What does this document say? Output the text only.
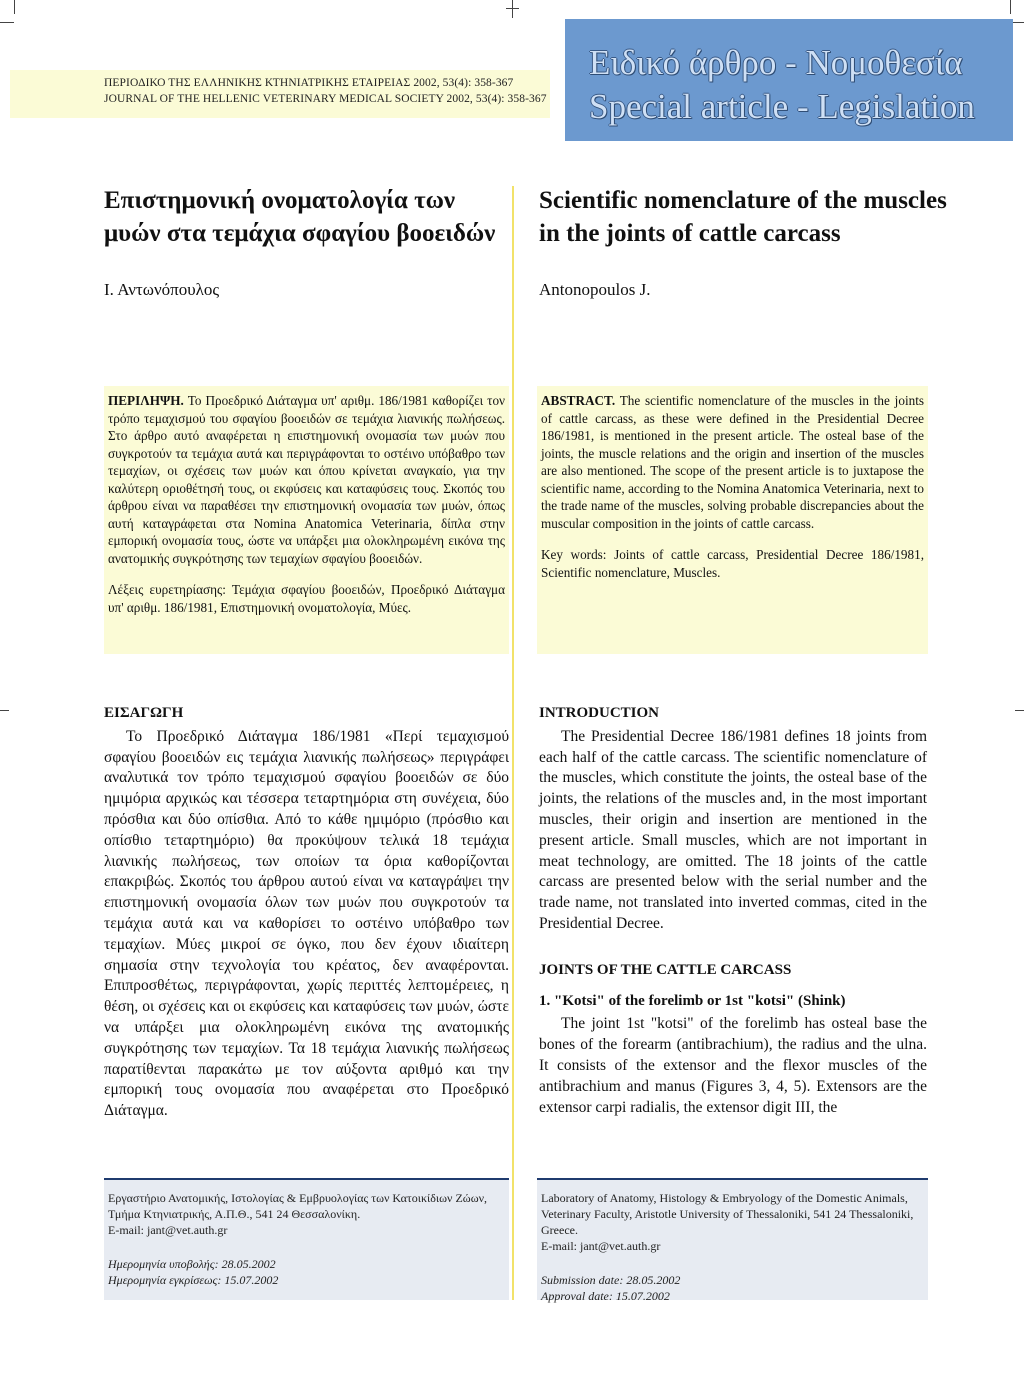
ΠΕΡΙΟΔΙΚΟ ΤΗΣ ΕΛΛΗΝΙΚΗΣ ΚΤΗΝΙΑΤΡΙΚΗΣ ΕΤΑΙΡΕΙΑΣ 2002, 53(4): 358-367
JOURNAL OF THE HELLENIC VETERINARY MEDICAL SOCIETY 2002, 53(4): 358-367
Ειδικό άρθρο - Νομοθεσία
Special article - Legislation
Επιστημονική ονοματολογία των μυών στα τεμάχια σφαγίου βοοειδών
Scientific nomenclature of the muscles in the joints of cattle carcass
Ι. Αντωνόπουλος	Antonopoulos J.

ΠΕΡΙΛΗΨΗ. Το Προεδρικό Διάταγμα υπ' αριθμ. 186/1981 καθορίζει τον τρόπο τεμαχισμού του σφαγίου βοοειδών σε τεμάχια λιανικής πωλήσεως. Στο άρθρο αυτό αναφέρεται η επιστημονική ονομασία των μυών που συγκροτούν τα τεμάχια αυτά και περιγράφονται το οστέινο υπόβαθρο των τεμαχίων, οι σχέσεις των μυών και όπου κρίνεται αναγκαίο, για την καλύτερη οριοθέτησή τους, οι εκφύσεις και καταφύσεις τους. Σκοπός του άρθρου είναι να παραθέσει την επιστημονική ονομασία των μυών, όπως αυτή καταγράφεται στα Nomina Anatomica Veterinaria, δίπλα στην εμπορική ονομασία τους, ώστε να υπάρξει μια ολοκληρωμένη εικόνα της ανατομικής συγκρότησης των τεμαχίων σφαγίου βοοειδών.

Λέξεις ευρετηρίασης: Τεμάχια σφαγίου βοοειδών, Προεδρικό Διάταγμα υπ' αριθμ. 186/1981, Επιστημονική ονοματολογία, Μύες.

ABSTRACT. The scientific nomenclature of the muscles in the joints of cattle carcass, as these were defined in the Presidential Decree 186/1981, is mentioned in the present article. The osteal base of the joints, the muscle relations and the origin and insertion of the muscles are also mentioned. The scope of the present article is to juxtapose the scientific name, according to the Nomina Anatomica Veterinaria, next to the trade name of the muscles, solving probable discrepancies about the muscular composition in the joints of cattle carcass.

Key words: Joints of cattle carcass, Presidential Decree 186/1981, Scientific nomenclature, Muscles.

ΕΙΣΑΓΩΓΗ

Το Προεδρικό Διάταγμα 186/1981 «Περί τεμαχισμού σφαγίου βοοειδών εις τεμάχια λιανικής πωλήσεως» περιγράφει αναλυτικά τον τρόπο τεμαχισμού σφαγίου βοοειδών σε δύο ημιμόρια αρχικώς και τέσσερα τεταρτημόρια στη συνέχεια, δύο πρόσθια και δύο οπίσθια. Από το κάθε ημιμόριο (πρόσθιο και οπίσθιο τεταρτημόριο) θα προκύψουν τελικά 18 τεμάχια λιανικής πωλήσεως, των οποίων τα όρια καθορίζονται επακριβώς. Σκοπός του άρθρου αυτού είναι να καταγράψει την επιστημονική ονομασία όλων των μυών που συγκροτούν τα τεμάχια αυτά και να καθορίσει το οστέινο υπόβαθρο των τεμαχίων. Μύες μικροί σε όγκο, που δεν έχουν ιδιαίτερη σημασία στην τεχνολογία του κρέατος, δεν αναφέρονται. Επιπροσθέτως, περιγράφονται, χωρίς περιττές λεπτομέρειες, η θέση, οι σχέσεις και οι εκφύσεις και καταφύσεις των μυών, ώστε να υπάρξει μια ολοκληρωμένη εικόνα της ανατομικής συγκρότησης των τεμαχίων. Τα 18 τεμάχια λιανικής πωλήσεως παρατίθενται παρακάτω με τον αύξοντα αριθμό και την εμπορική τους ονομασία που αναφέρεται στο Προεδρικό Διάταγμα.

INTRODUCTION

The Presidential Decree 186/1981 defines 18 joints from each half of the cattle carcass. The scientific nomenclature of the muscles, which constitute the joints, the osteal base of the joints, the relations of the muscles and, in the most important muscles, their origin and insertion are mentioned in the present article. Small muscles, which are not important in meat technology, are omitted. The 18 joints of the cattle carcass are presented below with the serial number and the trade name, not translated into inverted commas, cited in the Presidential Decree.

JOINTS OF THE CATTLE CARCASS
1. "Kotsi" of the forelimb or 1st "kotsi" (Shink)

The joint 1st "kotsi" of the forelimb has osteal base the bones of the forearm (antibrachium), the radius and the ulna. It consists of the extensor and the flexor muscles of the antibrachium and manus (Figures 3, 4, 5). Extensors are the extensor carpi radialis, the extensor digit III, the

Εργαστήριο Ανατομικής, Ιστολογίας & Εμβρυολογίας των Κατοικίδιων Ζώων, Τμήμα Κτηνιατρικής, Α.Π.Θ., 541 24 Θεσσαλονίκη.
E-mail: jant@vet.auth.gr
Ημερομηνία υποβολής: 28.05.2002
Ημερομηνία εγκρίσεως: 15.07.2002
Laboratory of Anatomy, Histology & Embryology of the Domestic Animals, Veterinary Faculty, Aristotle University of Thessaloniki, 541 24 Thessaloniki, Greece.
E-mail: jant@vet.auth.gr
Submission date: 28.05.2002
Approval date: 15.07.2002
